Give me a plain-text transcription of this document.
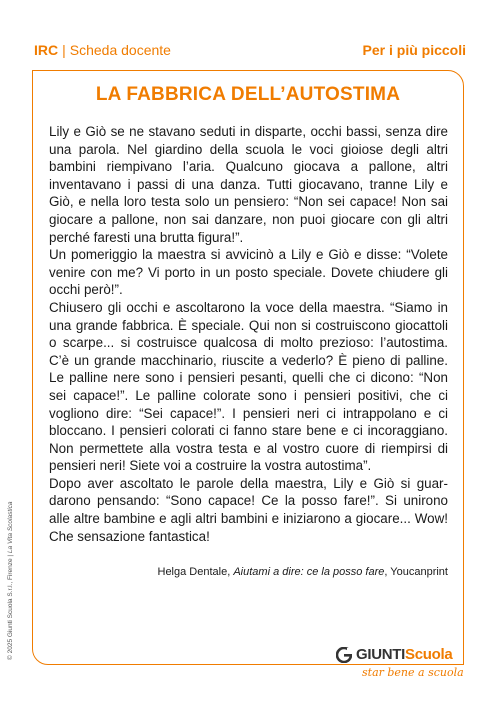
IRC | Scheda docente	Per i più piccoli
LA FABBRICA DELL’AUTOSTIMA

Lily e Giò se ne stavano seduti in disparte, occhi bassi, senza dire una parola. Nel giardino della scuola le voci gioiose degli altri bambini riempivano l’aria. Qualcuno giocava a pallone, altri inventavano i passi di una danza. Tutti giocavano, tranne Lily e Giò, e nella loro testa solo un pensiero: “Non sei capace! Non sai giocare a pallone, non sai danzare, non puoi giocare con gli altri perché faresti una brutta figura!”.

Un pomeriggio la maestra si avvicinò a Lily e Giò e disse: “Volete venire con me? Vi porto in un posto speciale. Dovete chiudere gli occhi però!”.

Chiusero gli occhi e ascoltarono la voce della maestra. “Siamo in una grande fabbrica. È speciale. Qui non si costruiscono giocattoli o scarpe... si costruisce qualcosa di molto prezioso: l’autostima. C’è un grande macchinario, riuscite a vederlo? È pieno di palline. Le palline nere sono i pensieri pesanti, quelli che ci dicono: “Non sei capace!”. Le palline colorate sono i pensieri positivi, che ci vogliono dire: “Sei capace!”. I pensieri neri ci intrappolano e ci bloccano. I pensieri colorati ci fanno stare bene e ci incoraggiano. Non permettete alla vostra testa e al vostro cuore di riempirsi di pensieri neri! Siete voi a costruire la vostra autostima”.

Dopo aver ascoltato le parole della maestra, Lily e Giò si guardarono pensando: “Sono capace! Ce la posso fare!”. Si unirono alle altre bambine e agli altri bambini e iniziarono a giocare... Wow! Che sensazione fantastica!

Helga Dentale, Aiutami a dire: ce la posso fare, Youcanprint
© 2025 Giunti Scuola S.r.l., Firenze | La Vita Scolastica
GIUNTIScuola
star bene a scuola
